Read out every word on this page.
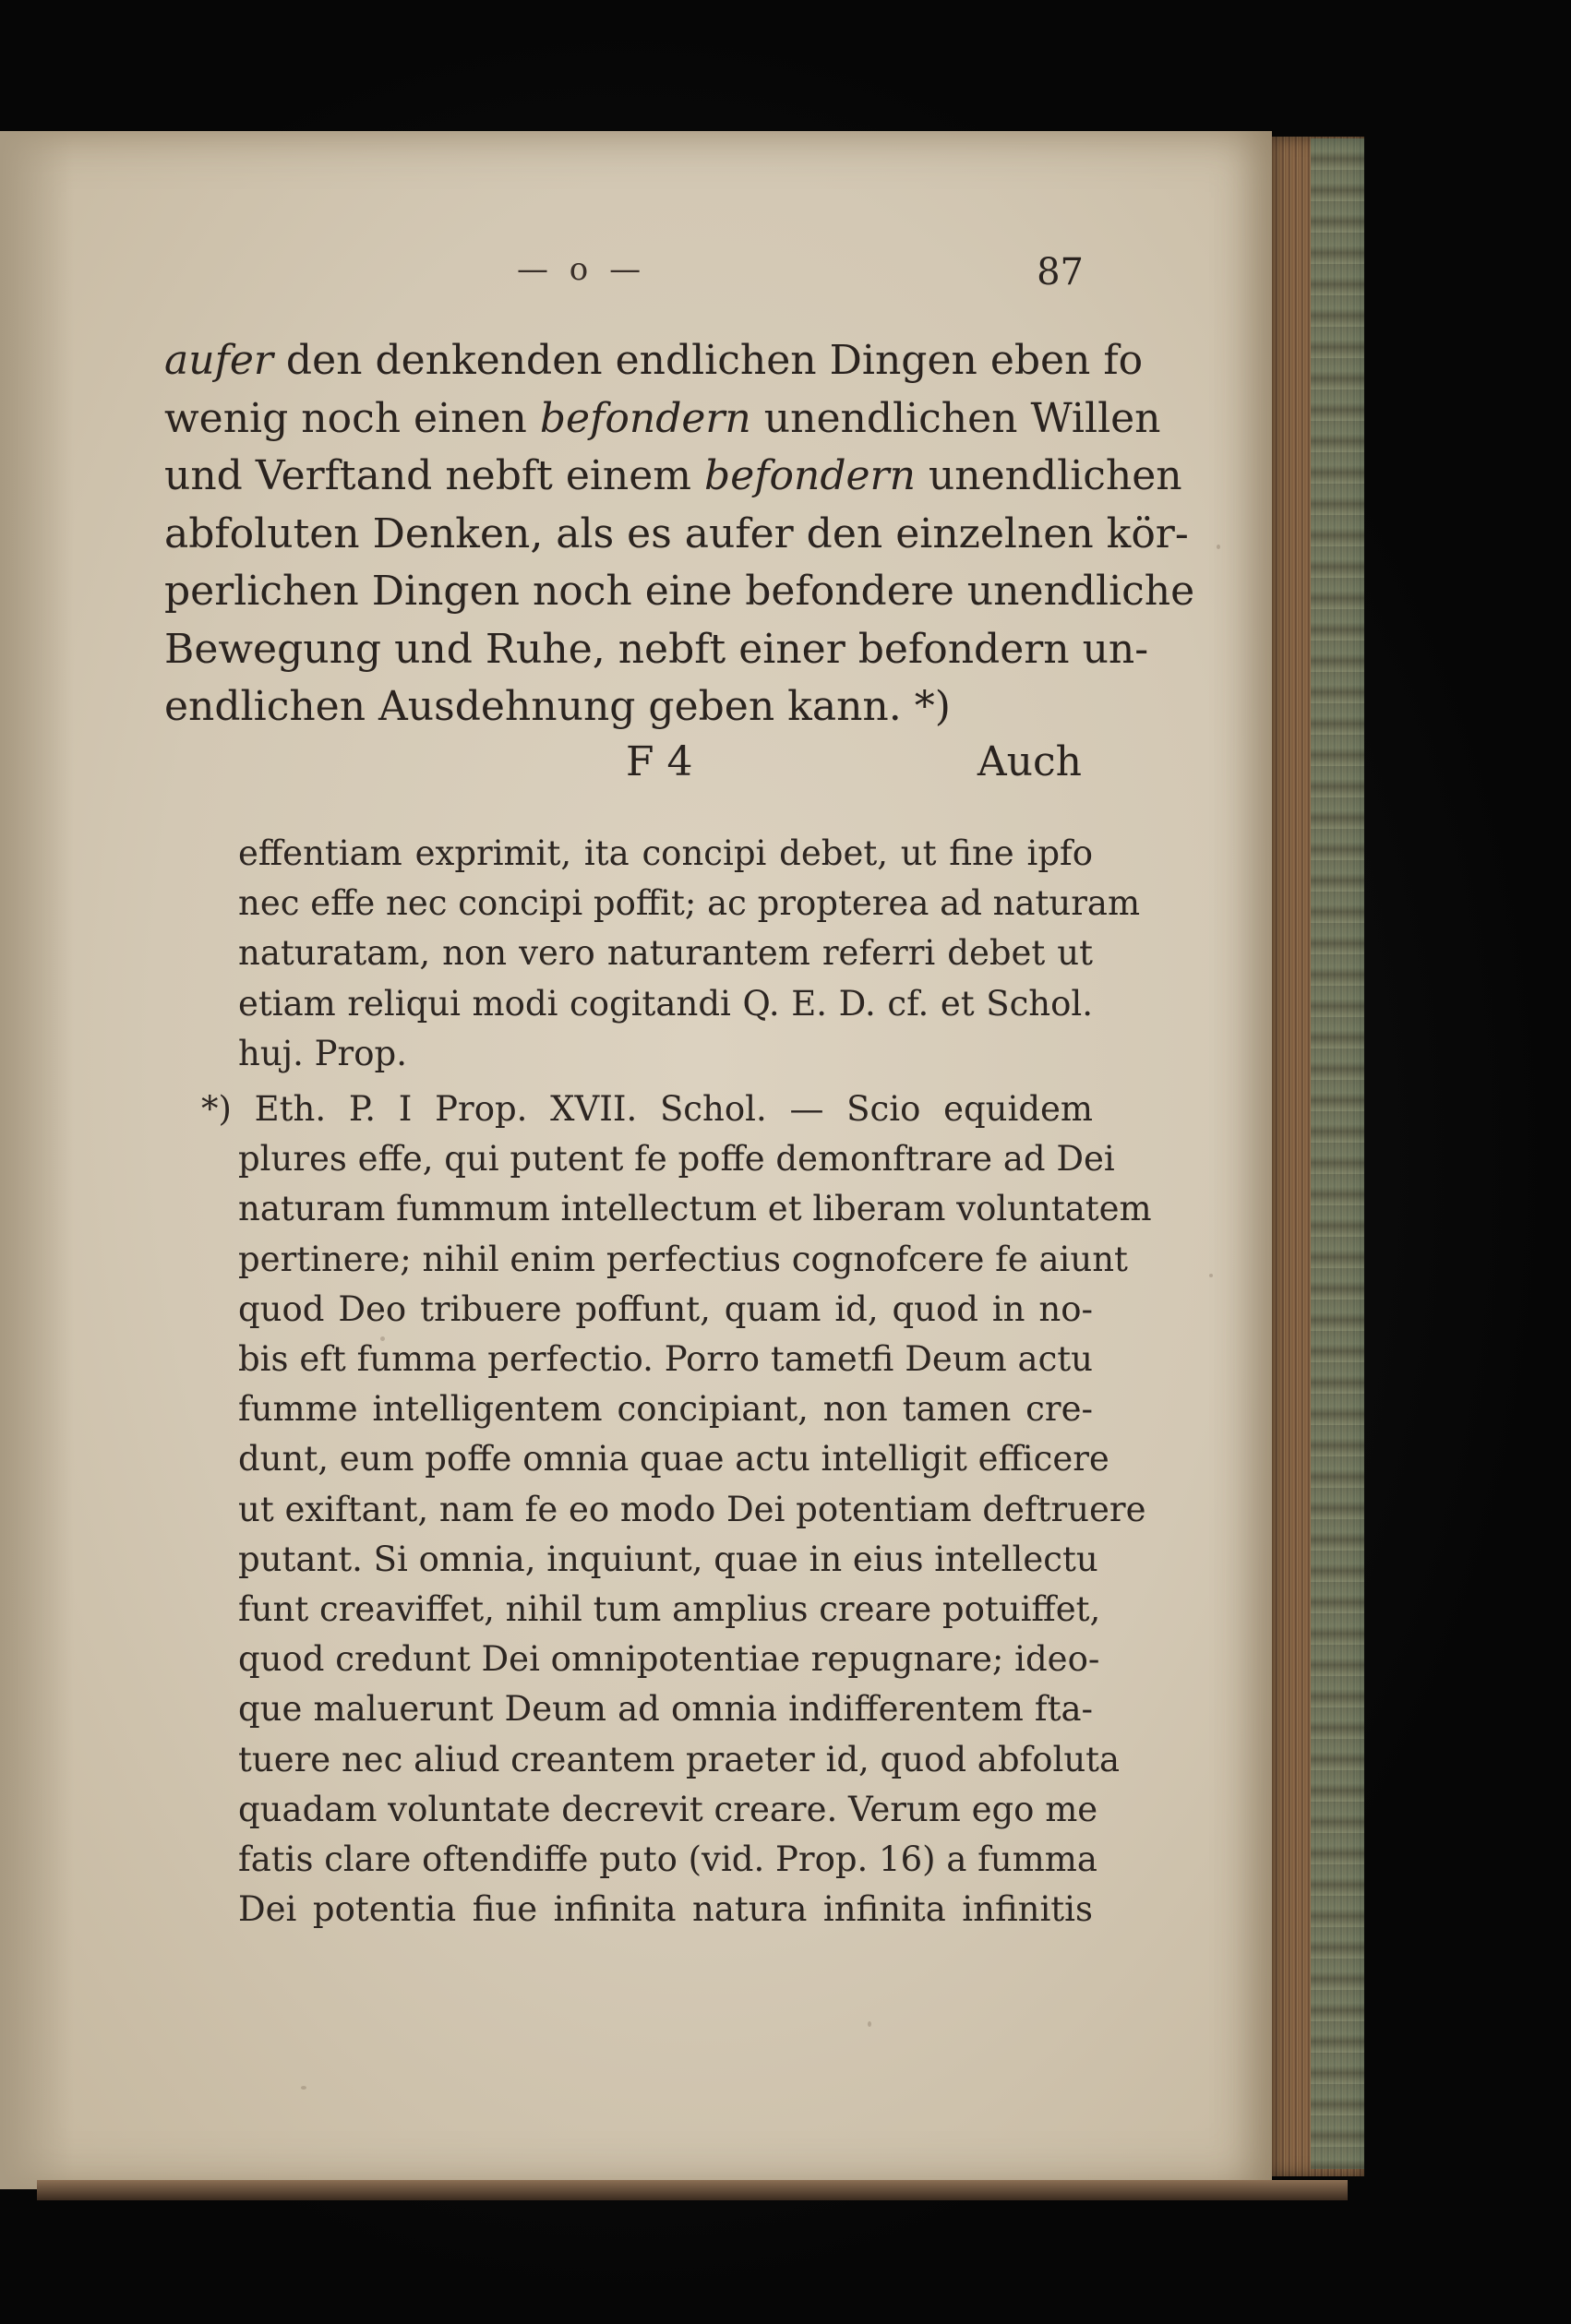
— o —	87
aufer den denkenden endlichen Dingen eben fo
wenig noch einen befondern unendlichen Willen
und Verftand nebft einem befondern unendlichen
abfoluten Denken, als es aufer den einzelnen kör-
perlichen Dingen noch eine befondere unendliche
Bewegung und Ruhe, nebft einer befondern un-
endlichen Ausdehnung geben kann. *)
F 4	Auch
effentiam exprimit, ita concipi debet, ut fine ipfo
nec effe nec concipi poffit; ac propterea ad naturam
naturatam, non vero naturantem referri debet ut
etiam reliqui modi cogitandi Q. E. D. cf. et Schol.
huj. Prop.
*) Eth. P. I Prop. XVII. Schol. — Scio equidem
plures effe, qui putent fe poffe demonftrare ad Dei
naturam fummum intellectum et liberam voluntatem
pertinere; nihil enim perfectius cognofcere fe aiunt
quod Deo tribuere poffunt, quam id, quod in no-
bis eft fumma perfectio. Porro tametfi Deum actu
fumme intelligentem concipiant, non tamen cre-
dunt, eum poffe omnia quae actu intelligit efficere
ut exiftant, nam fe eo modo Dei potentiam deftruere
putant. Si omnia, inquiunt, quae in eius intellectu
funt creaviffet, nihil tum amplius creare potuiffet,
quod credunt Dei omnipotentiae repugnare; ideo-
que maluerunt Deum ad omnia indifferentem fta-
tuere nec aliud creantem praeter id, quod abfoluta
quadam voluntate decrevit creare. Verum ego me
fatis clare oftendiffe puto (vid. Prop. 16) a fumma
Dei potentia fiue infinita natura infinita infinitis
